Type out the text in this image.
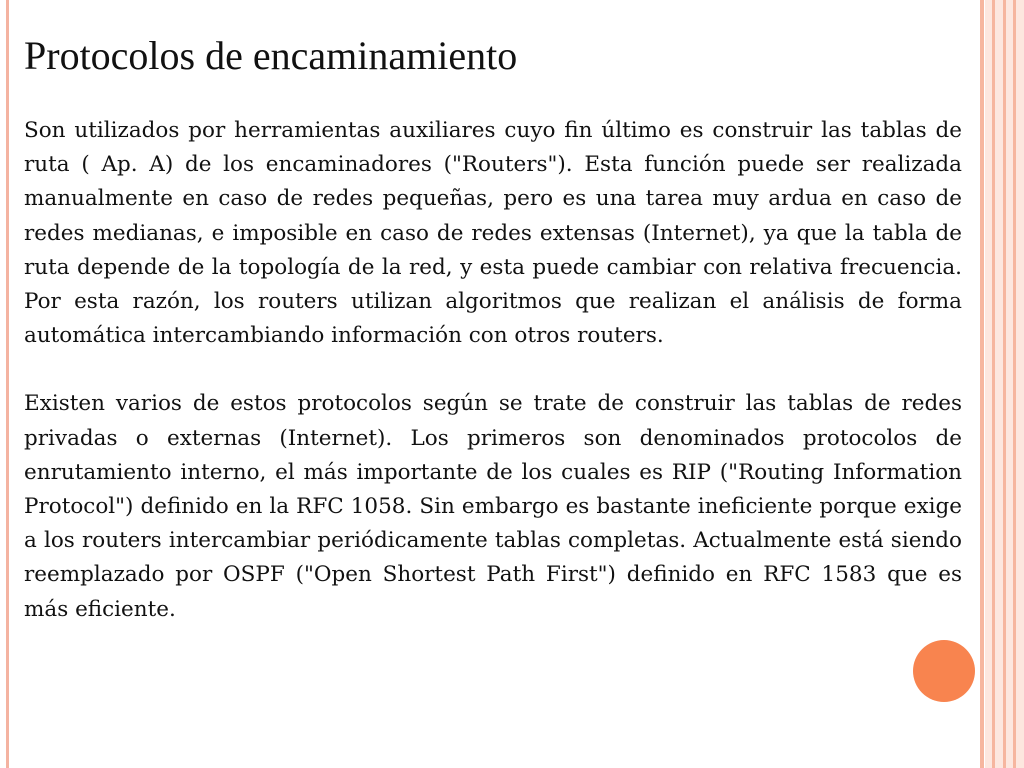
Protocolos de encaminamiento

Son utilizados por herramientas auxiliares cuyo fin último es construir las tablas de ruta ( Ap. A) de los encaminadores ("Routers"). Esta función puede ser realizada manualmente en caso de redes pequeñas, pero es una tarea muy ardua en caso de redes medianas, e imposible en caso de redes extensas (Internet), ya que la tabla de ruta depende de la topología de la red, y esta puede cambiar con relativa frecuencia. Por esta razón, los routers utilizan algoritmos que realizan el análisis de forma automática intercambiando información con otros routers.

Existen varios de estos protocolos según se trate de construir las tablas de redes privadas o externas (Internet). Los primeros son denominados protocolos de enrutamiento interno, el más importante de los cuales es RIP ("Routing Information Protocol") definido en la RFC 1058. Sin embargo es bastante ineficiente porque exige a los routers intercambiar periódicamente tablas completas. Actualmente está siendo reemplazado por OSPF ("Open Shortest Path First") definido en RFC 1583 que es más eficiente.
